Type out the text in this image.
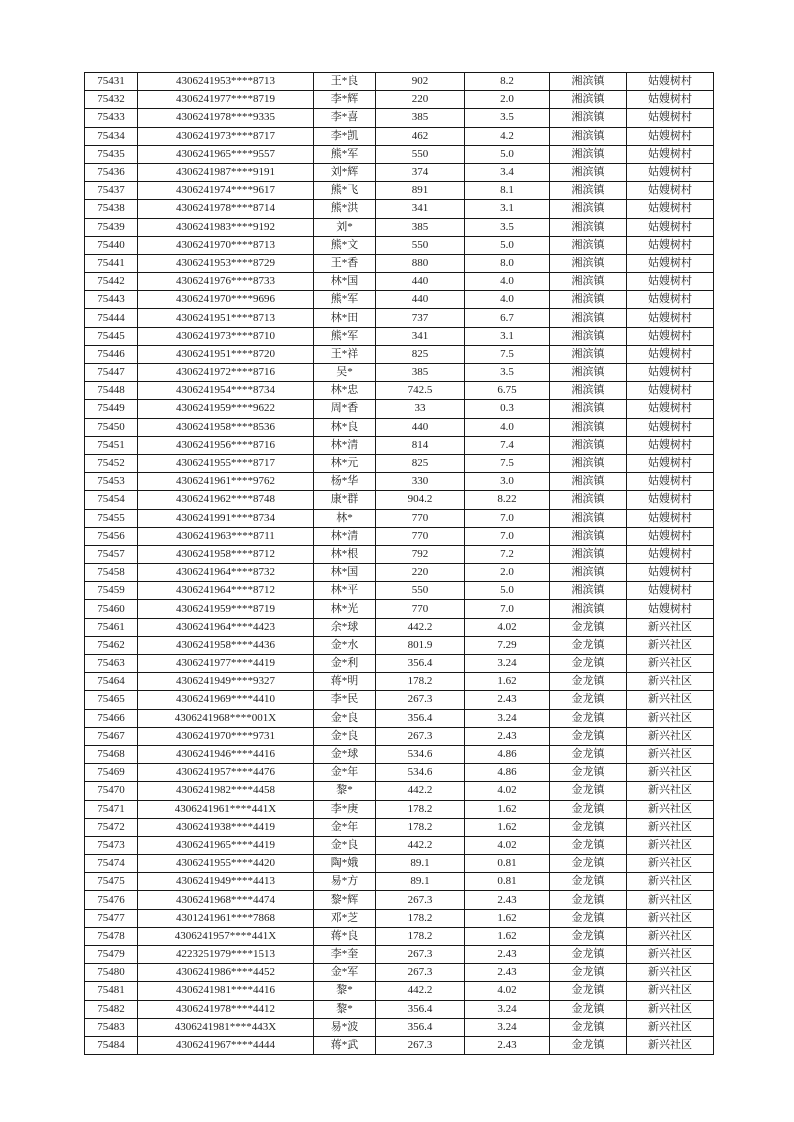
75431	4306241953****8713	王*良	902	8.2	湘滨镇	姑嫂树村
75432	4306241977****8719	李*辉	220	2.0	湘滨镇	姑嫂树村
75433	4306241978****9335	李*喜	385	3.5	湘滨镇	姑嫂树村
75434	4306241973****8717	李*凯	462	4.2	湘滨镇	姑嫂树村
75435	4306241965****9557	熊*军	550	5.0	湘滨镇	姑嫂树村
75436	4306241987****9191	刘*辉	374	3.4	湘滨镇	姑嫂树村
75437	4306241974****9617	熊*飞	891	8.1	湘滨镇	姑嫂树村
75438	4306241978****8714	熊*洪	341	3.1	湘滨镇	姑嫂树村
75439	4306241983****9192	刘*	385	3.5	湘滨镇	姑嫂树村
75440	4306241970****8713	熊*文	550	5.0	湘滨镇	姑嫂树村
75441	4306241953****8729	王*香	880	8.0	湘滨镇	姑嫂树村
75442	4306241976****8733	林*国	440	4.0	湘滨镇	姑嫂树村
75443	4306241970****9696	熊*军	440	4.0	湘滨镇	姑嫂树村
75444	4306241951****8713	林*田	737	6.7	湘滨镇	姑嫂树村
75445	4306241973****8710	熊*军	341	3.1	湘滨镇	姑嫂树村
75446	4306241951****8720	王*祥	825	7.5	湘滨镇	姑嫂树村
75447	4306241972****8716	吴*	385	3.5	湘滨镇	姑嫂树村
75448	4306241954****8734	林*忠	742.5	6.75	湘滨镇	姑嫂树村
75449	4306241959****9622	周*香	33	0.3	湘滨镇	姑嫂树村
75450	4306241958****8536	林*良	440	4.0	湘滨镇	姑嫂树村
75451	4306241956****8716	林*清	814	7.4	湘滨镇	姑嫂树村
75452	4306241955****8717	林*元	825	7.5	湘滨镇	姑嫂树村
75453	4306241961****9762	杨*华	330	3.0	湘滨镇	姑嫂树村
75454	4306241962****8748	康*群	904.2	8.22	湘滨镇	姑嫂树村
75455	4306241991****8734	林*	770	7.0	湘滨镇	姑嫂树村
75456	4306241963****8711	林*清	770	7.0	湘滨镇	姑嫂树村
75457	4306241958****8712	林*根	792	7.2	湘滨镇	姑嫂树村
75458	4306241964****8732	林*国	220	2.0	湘滨镇	姑嫂树村
75459	4306241964****8712	林*平	550	5.0	湘滨镇	姑嫂树村
75460	4306241959****8719	林*光	770	7.0	湘滨镇	姑嫂树村
75461	4306241964****4423	余*球	442.2	4.02	金龙镇	新兴社区
75462	4306241958****4436	金*水	801.9	7.29	金龙镇	新兴社区
75463	4306241977****4419	金*利	356.4	3.24	金龙镇	新兴社区
75464	4306241949****9327	蒋*明	178.2	1.62	金龙镇	新兴社区
75465	4306241969****4410	李*民	267.3	2.43	金龙镇	新兴社区
75466	4306241968****001X	金*良	356.4	3.24	金龙镇	新兴社区
75467	4306241970****9731	金*良	267.3	2.43	金龙镇	新兴社区
75468	4306241946****4416	金*球	534.6	4.86	金龙镇	新兴社区
75469	4306241957****4476	金*年	534.6	4.86	金龙镇	新兴社区
75470	4306241982****4458	黎*	442.2	4.02	金龙镇	新兴社区
75471	4306241961****441X	李*庚	178.2	1.62	金龙镇	新兴社区
75472	4306241938****4419	金*年	178.2	1.62	金龙镇	新兴社区
75473	4306241965****4419	金*良	442.2	4.02	金龙镇	新兴社区
75474	4306241955****4420	陶*娥	89.1	0.81	金龙镇	新兴社区
75475	4306241949****4413	易*方	89.1	0.81	金龙镇	新兴社区
75476	4306241968****4474	黎*辉	267.3	2.43	金龙镇	新兴社区
75477	4301241961****7868	邓*芝	178.2	1.62	金龙镇	新兴社区
75478	4306241957****441X	蒋*良	178.2	1.62	金龙镇	新兴社区
75479	4223251979****1513	李*奎	267.3	2.43	金龙镇	新兴社区
75480	4306241986****4452	金*军	267.3	2.43	金龙镇	新兴社区
75481	4306241981****4416	黎*	442.2	4.02	金龙镇	新兴社区
75482	4306241978****4412	黎*	356.4	3.24	金龙镇	新兴社区
75483	4306241981****443X	易*波	356.4	3.24	金龙镇	新兴社区
75484	4306241967****4444	蒋*武	267.3	2.43	金龙镇	新兴社区
